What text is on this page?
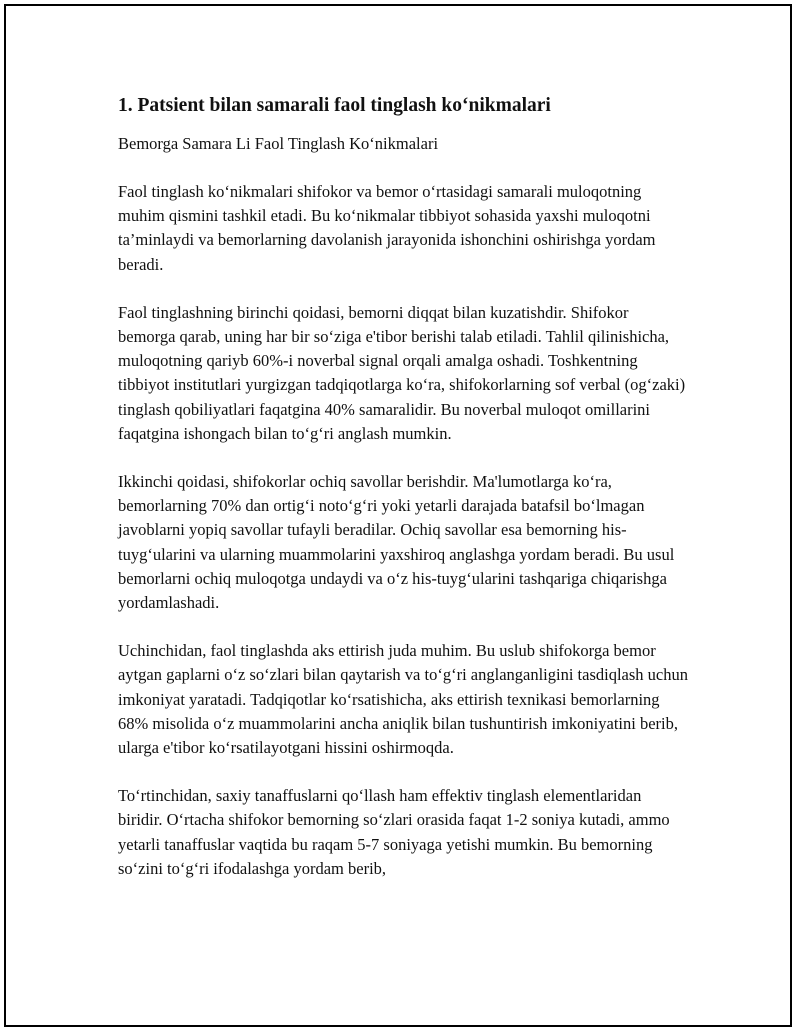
1. Patsient bilan samarali faol tinglash ko‘nikmalari

Bemorga Samara Li Faol Tinglash Ko‘nikmalari

Faol tinglash ko‘nikmalari shifokor va bemor o‘rtasidagi samarali muloqotning muhim qismini tashkil etadi. Bu ko‘nikmalar tibbiyot sohasida yaxshi muloqotni ta’minlaydi va bemorlarning davolanish jarayonida ishonchini oshirishga yordam beradi.

Faol tinglashning birinchi qoidasi, bemorni diqqat bilan kuzatishdir. Shifokor bemorga qarab, uning har bir so‘ziga e'tibor berishi talab etiladi. Tahlil qilinishicha, muloqotning qariyb 60%-i noverbal signal orqali amalga oshadi. Toshkentning tibbiyot institutlari yurgizgan tadqiqotlarga ko‘ra, shifokorlarning sof verbal (og‘zaki) tinglash qobiliyatlari faqatgina 40% samaralidir. Bu noverbal muloqot omillarini faqatgina ishongach bilan to‘g‘ri anglash mumkin.

Ikkinchi qoidasi, shifokorlar ochiq savollar berishdir. Ma'lumotlarga ko‘ra, bemorlarning 70% dan ortig‘i noto‘g‘ri yoki yetarli darajada batafsil bo‘lmagan javoblarni yopiq savollar tufayli beradilar. Ochiq savollar esa bemorning his-tuyg‘ularini va ularning muammolarini yaxshiroq anglashga yordam beradi. Bu usul bemorlarni ochiq muloqotga undaydi va o‘z his-tuyg‘ularini tashqariga chiqarishga yordamlashadi.

Uchinchidan, faol tinglashda aks ettirish juda muhim. Bu uslub shifokorga bemor aytgan gaplarni o‘z so‘zlari bilan qaytarish va to‘g‘ri anglanganligini tasdiqlash uchun imkoniyat yaratadi. Tadqiqotlar ko‘rsatishicha, aks ettirish texnikasi bemorlarning 68% misolida o‘z muammolarini ancha aniqlik bilan tushuntirish imkoniyatini berib, ularga e'tibor ko‘rsatilayotgani hissini oshirmoqda.

To‘rtinchidan, saxiy tanaffuslarni qo‘llash ham effektiv tinglash elementlaridan biridir. O‘rtacha shifokor bemorning so‘zlari orasida faqat 1-2 soniya kutadi, ammo yetarli tanaffuslar vaqtida bu raqam 5-7 soniyaga yetishi mumkin. Bu bemorning so‘zini to‘g‘ri ifodalashga yordam berib,
